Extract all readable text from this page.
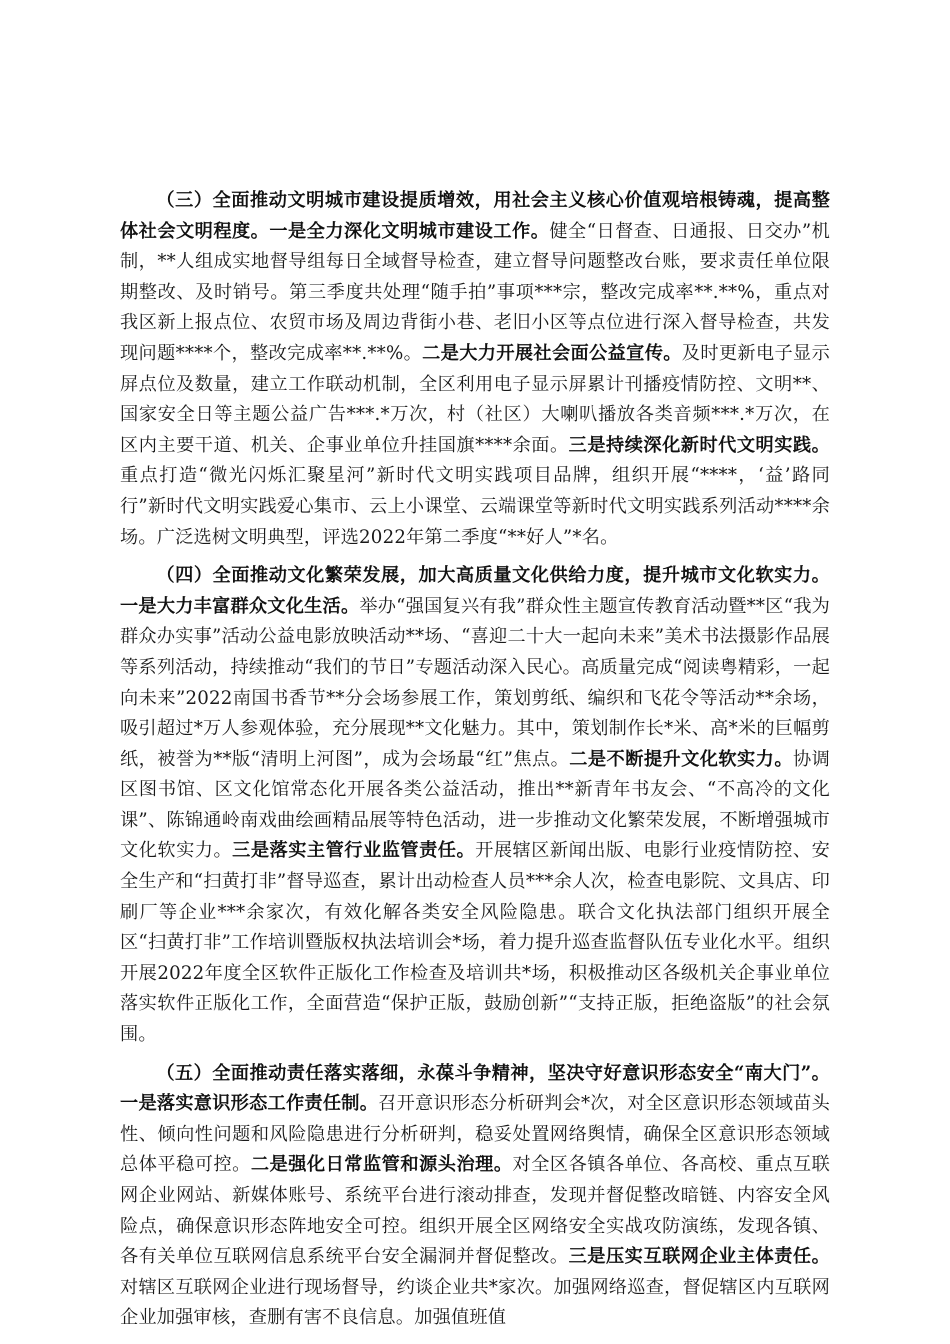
（三）全面推动文明城市建设提质增效，用社会主义核心价值观培根铸魂，提高整体社会文明程度。一是全力深化文明城市建设工作。健全“日督查、日通报、日交办”机制，**人组成实地督导组每日全域督导检查，建立督导问题整改台账，要求责任单位限期整改、及时销号。第三季度共处理“随手拍”事项***宗，整改完成率**.**%，重点对我区新上报点位、农贸市场及周边背街小巷、老旧小区等点位进行深入督导检查，共发现问题****个，整改完成率**.**%。二是大力开展社会面公益宣传。及时更新电子显示屏点位及数量，建立工作联动机制，全区利用电子显示屏累计刊播疫情防控、文明**、国家安全日等主题公益广告***.*万次，村（社区）大喇叭播放各类音频***.*万次，在区内主要干道、机关、企事业单位升挂国旗****余面。三是持续深化新时代文明实践。重点打造“微光闪烁汇聚星河”新时代文明实践项目品牌，组织开展“****，‘益’路同行”新时代文明实践爱心集市、云上小课堂、云端课堂等新时代文明实践系列活动****余场。广泛选树文明典型，评选2022年第二季度“**好人”*名。

（四）全面推动文化繁荣发展，加大高质量文化供给力度，提升城市文化软实力。一是大力丰富群众文化生活。举办“强国复兴有我”群众性主题宣传教育活动暨**区“我为群众办实事”活动公益电影放映活动**场、“喜迎二十大一起向未来”美术书法摄影作品展等系列活动，持续推动“我们的节日”专题活动深入民心。高质量完成“阅读粤精彩，一起向未来”2022南国书香节**分会场参展工作，策划剪纸、编织和飞花令等活动**余场，吸引超过*万人参观体验，充分展现**文化魅力。其中，策划制作长*米、高*米的巨幅剪纸，被誉为**版“清明上河图”，成为会场最“红”焦点。二是不断提升文化软实力。协调区图书馆、区文化馆常态化开展各类公益活动，推出**新青年书友会、“不高冷的文化课”、陈锦通岭南戏曲绘画精品展等特色活动，进一步推动文化繁荣发展，不断增强城市文化软实力。三是落实主管行业监管责任。开展辖区新闻出版、电影行业疫情防控、安全生产和“扫黄打非”督导巡查，累计出动检查人员***余人次，检查电影院、文具店、印刷厂等企业***余家次，有效化解各类安全风险隐患。联合文化执法部门组织开展全区“扫黄打非”工作培训暨版权执法培训会*场，着力提升巡查监督队伍专业化水平。组织开展2022年度全区软件正版化工作检查及培训共*场，积极推动区各级机关企事业单位落实软件正版化工作，全面营造“保护正版，鼓励创新”“支持正版，拒绝盗版”的社会氛围。

（五）全面推动责任落实落细，永葆斗争精神，坚决守好意识形态安全“南大门”。一是落实意识形态工作责任制。召开意识形态分析研判会*次，对全区意识形态领域苗头性、倾向性问题和风险隐患进行分析研判，稳妥处置网络舆情，确保全区意识形态领域总体平稳可控。二是强化日常监管和源头治理。对全区各镇各单位、各高校、重点互联网企业网站、新媒体账号、系统平台进行滚动排查，发现并督促整改暗链、内容安全风险点，确保意识形态阵地安全可控。组织开展全区网络安全实战攻防演练，发现各镇、各有关单位互联网信息系统平台安全漏洞并督促整改。三是压实互联网企业主体责任。对辖区互联网企业进行现场督导，约谈企业共*家次。加强网络巡查，督促辖区内互联网企业加强审核，查删有害不良信息。加强值班值
